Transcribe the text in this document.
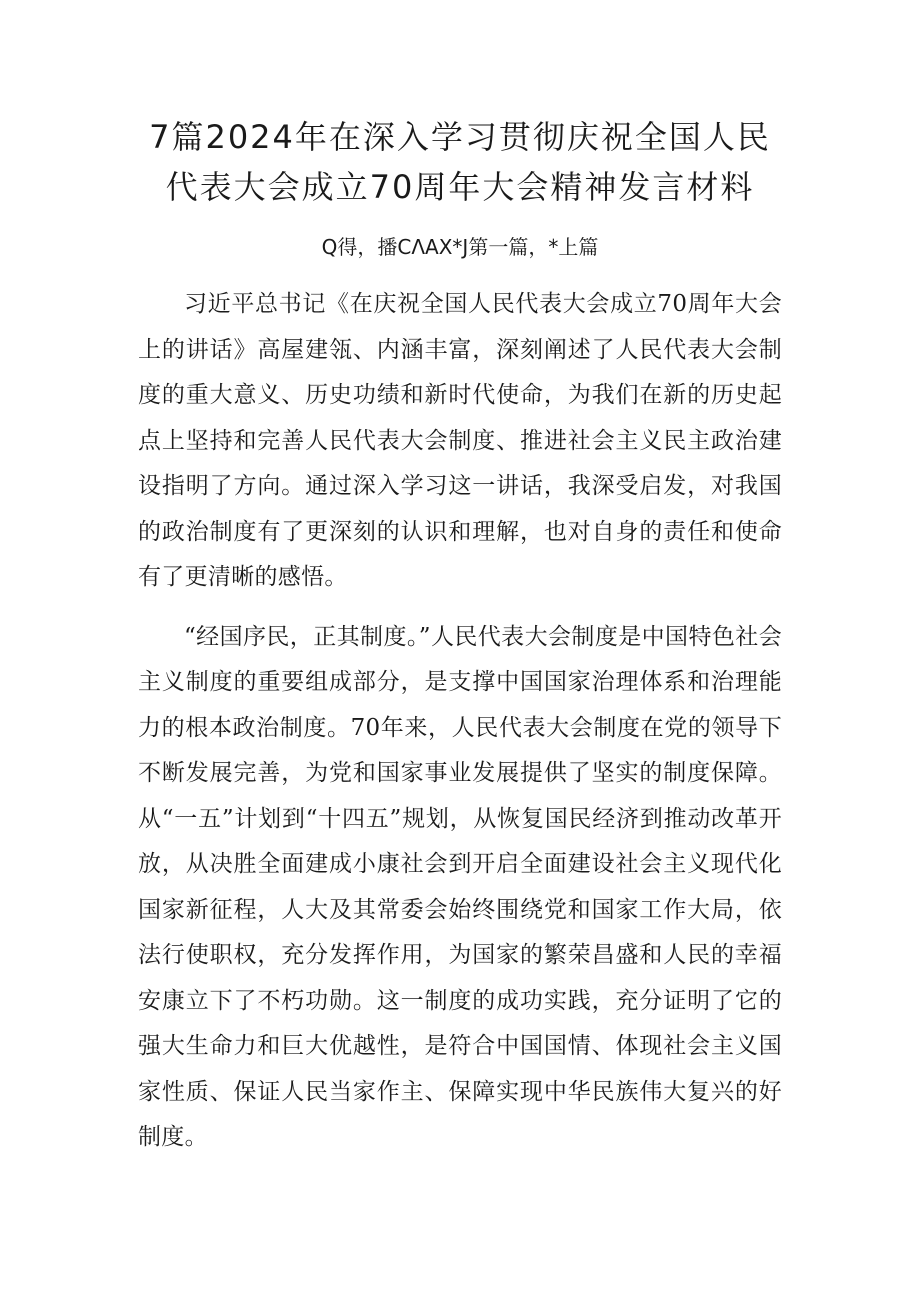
7篇2024年在深入学习贯彻庆祝全国人民
代表大会成立70周年大会精神发言材料
Q得，播CΛAX*J第一篇，*上篇

习近平总书记《在庆祝全国人民代表大会成立70周年大会上的讲话》高屋建瓴、内涵丰富，深刻阐述了人民代表大会制度的重大意义、历史功绩和新时代使命，为我们在新的历史起点上坚持和完善人民代表大会制度、推进社会主义民主政治建设指明了方向。通过深入学习这一讲话，我深受启发，对我国的政治制度有了更深刻的认识和理解，也对自身的责任和使命有了更清晰的感悟。

“经国序民，正其制度。”人民代表大会制度是中国特色社会主义制度的重要组成部分，是支撑中国国家治理体系和治理能力的根本政治制度。70年来，人民代表大会制度在党的领导下不断发展完善，为党和国家事业发展提供了坚实的制度保障。从“一五”计划到“十四五”规划，从恢复国民经济到推动改革开放，从决胜全面建成小康社会到开启全面建设社会主义现代化国家新征程，人大及其常委会始终围绕党和国家工作大局，依法行使职权，充分发挥作用，为国家的繁荣昌盛和人民的幸福安康立下了不朽功勋。这一制度的成功实践，充分证明了它的强大生命力和巨大优越性，是符合中国国情、体现社会主义国家性质、保证人民当家作主、保障实现中华民族伟大复兴的好制度。
